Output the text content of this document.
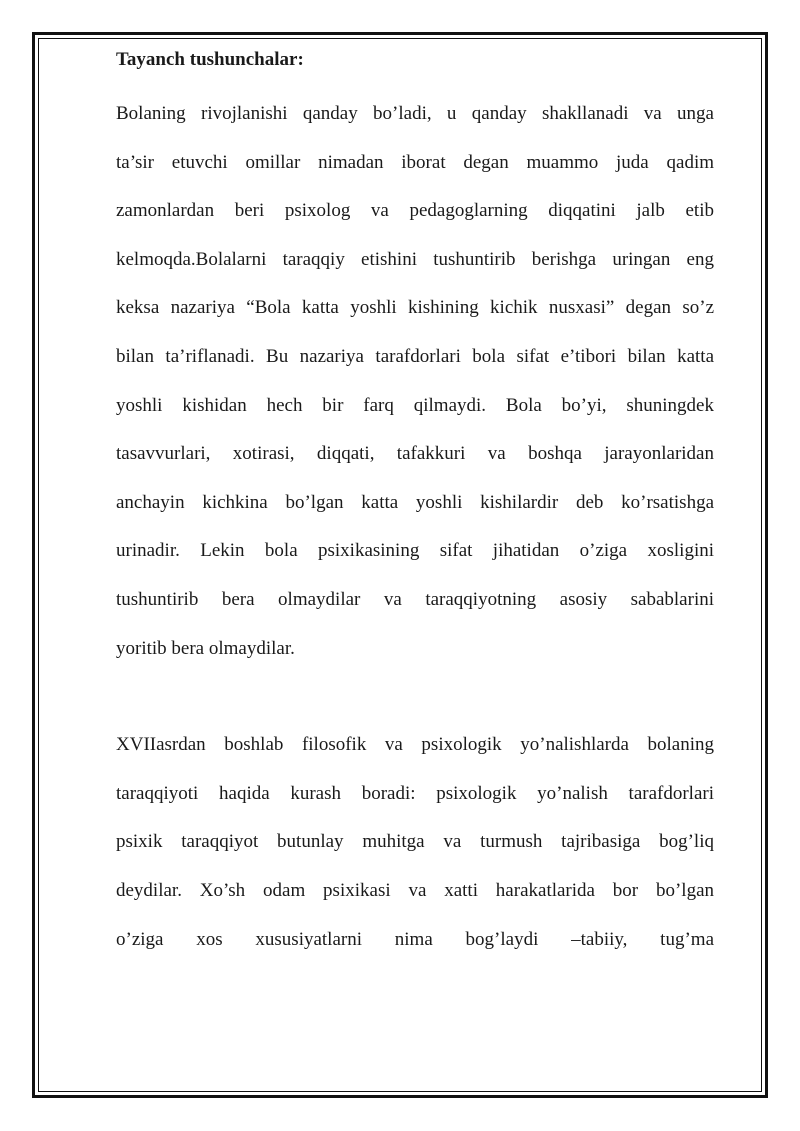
Tayanch tushunchalar:
Bolaning rivojlanishi qanday bo’ladi, u qanday shakllanadi va unga
ta’sir etuvchi omillar nimadan iborat degan muammo juda qadim
zamonlardan beri psixolog va pedagoglarning diqqatini jalb etib
kelmoqda.Bolalarni taraqqiy etishini tushuntirib berishga uringan eng
keksa nazariya “Bola katta yoshli kishining kichik nusxasi” degan so’z
bilan ta’riflanadi. Bu nazariya tarafdorlari bola sifat e’tibori bilan katta
yoshli kishidan hech bir farq qilmaydi. Bola bo’yi, shuningdek
tasavvurlari, xotirasi, diqqati, tafakkuri va boshqa jarayonlaridan
anchayin kichkina bo’lgan katta yoshli kishilardir deb ko’rsatishga
urinadir. Lekin bola psixikasining sifat jihatidan o’ziga xosligini
tushuntirib bera olmaydilar va taraqqiyotning asosiy sabablarini
yoritib bera olmaydilar.
XVIIasrdan boshlab filosofik va psixologik yo’nalishlarda bolaning
taraqqiyoti haqida kurash boradi: psixologik yo’nalish tarafdorlari
psixik taraqqiyot butunlay muhitga va turmush tajribasiga bog’liq
deydilar. Xo’sh odam psixikasi va xatti harakatlarida bor bo’lgan
o’ziga xos xususiyatlarni nima bog’laydi –tabiiy, tug’ma
